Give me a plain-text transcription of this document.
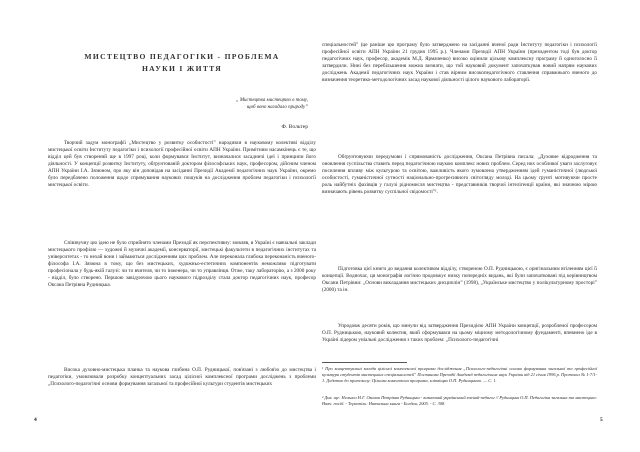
МИСТЕЦТВО ПЕДАГОГІКИ - ПРОБЛЕМА
НАУКИ І ЖИТТЯ
„ Mистецтва мистецтво в тому,
щоб воно нагадало природу”
Ф. Вольтер

Творчий задум монографії „Мистецтво у розвитку особистості” народився в науковому колективі відділу мистецької освіти Інституту педагогіки і психології професійної освіти АПН України. Примітним насамкінець є те, що відділ цей був створений ще в 1997 році, коли формувався Інститут, визначалися засадничі ідеї і принципи його діяльності. У концепції розвитку Інституту, обґрунтованій доктором філософських наук, професором, дійсним членом АПН України І.А. Зязюном, про яку він доповідав на засіданні Президії Академії педагогічних наук України, окремо було передбачено положення щодо спрямування наукових пошуків на дослідження проблем педагогіки і психології мистецької освіти.

Співзвучну цю ідею не було сприйнято членами Президії як перспективну: мовляв, в Україні є навчальні заклади мистецького профілю — художні й музичні академії, консерваторії, мистецькі факультети в педагогічних інститутах та університетах - то нехай вони і займаються дослідженням цих проблем. Але переконала глибока переконаність вченого-філософа І.А. Зязюна в тому, що без мистецьких, художньо-естетичних компонентів неможливо підготувати професіонала у будь-якій галузі: чи то вчителя, чи то інженера, чи то управлінця. Отже, таку лабораторію, а з 2000 року - відділ, було створено. Першою завідуючою цього наукового підрозділу стала доктор педагогічних наук, професор Оксана Петрівна Рудницька.

Висока духовно-мистецька планка та наукова глибина О.П. Рудницької, пов'язані з любов'ю до мистецтва і педагогіки, умовлювали розробку концептуальних засад цілісної комплексної програми досліджень з проблеми „Психолого-педагогічні основи формування загальної та професійної культури студентів мистецьких

4

спеціальностей” (це раніше цю програму було затверджено на засіданні вченої ради Інституту педагогіки і психології професійної освіти АПН України 21 грудня 1995 р.). Членами Президії АПН України (президентом тоді був доктор педагогічних наук, професор, академік М.Д. Ярмаченко) високо оцінили цільову комплексну програму й одноголосно її затвердили. Нині без перебільшення можна визнати, що той науковий документ започаткував новий напрям наукових досліджень Академії педагогічних наук України і став вірним високопедагогічного ставлення справжнього вченого до визначення теоретико-методологічних засад наукової діяльності цілого наукового лабораторії.

Обґрунтовуючи передумови і спрямованість дослідження, Оксана Петрівна писала: „Духовне відродження та оновлення суспільства ставить перед педагогічною наукою комплекс нових проблем. Серед них особливої уваги заслуговує посилення впливу між культурою та освітою, важливість якого зумовлена утвердженням ідей гуманістичної (людської особистості, гуманістичної сутності національно-прогресивного світогляду молоді. На цьому ґрунті мотивуючи просте роль найбутніх фахівців у галузі рідномисля мистецтва - представників творчої інтелігенції країни, які значною мірою визначають рівень розвитку суспільної свідомості”¹.

Підготовка цієї книги до видання колективом відділу, створеною О.П. Рудницькою, є оригінальним втіленням цієї її концепції. Водночас, ця монографія логічно продовжує низку попередніх видань, які були започатковані під керівництвом Оксани Петрівни: „Основи викладання мистецьких дисциплін” (1998), „Українське мистецтво у полікультурному просторі” (2000) та ін.

Упродовж десяти років, що минули від затвердження Президією АПН України концепції, розробленої професором О.П. Рудницькою, науковий колектив, який сформувався на цьому міцному методологічному фундаменті, впевнено іде в Україні лідером уніальні дослідження з таких проблем: „Психолого-педагогічні

¹ Про концептуальні засади цілісної комплексної програми дослідження „Психолого-педагогічні основи формування загальної та професійної культури студентів мистецьких спеціальностей” Постанова Президії Академії педагогічних наук України від 21 січня 1996 р. Протокол № 1-7/1-1. Додаток до протоколу: Цільова комплексна програма, кліпвіщва О.П. Рудницькою. — С. 1.

² Див. ще: Нельнол Н.Г. Оксана Петрівна Рудницька - визначний український вчений-педагог // Рудницька О.П. Педагогіка загальна та мистецька: Навч. посіб. - Тернопіль: Навчальна книга - Богдан, 2005. - С. 308.

5
